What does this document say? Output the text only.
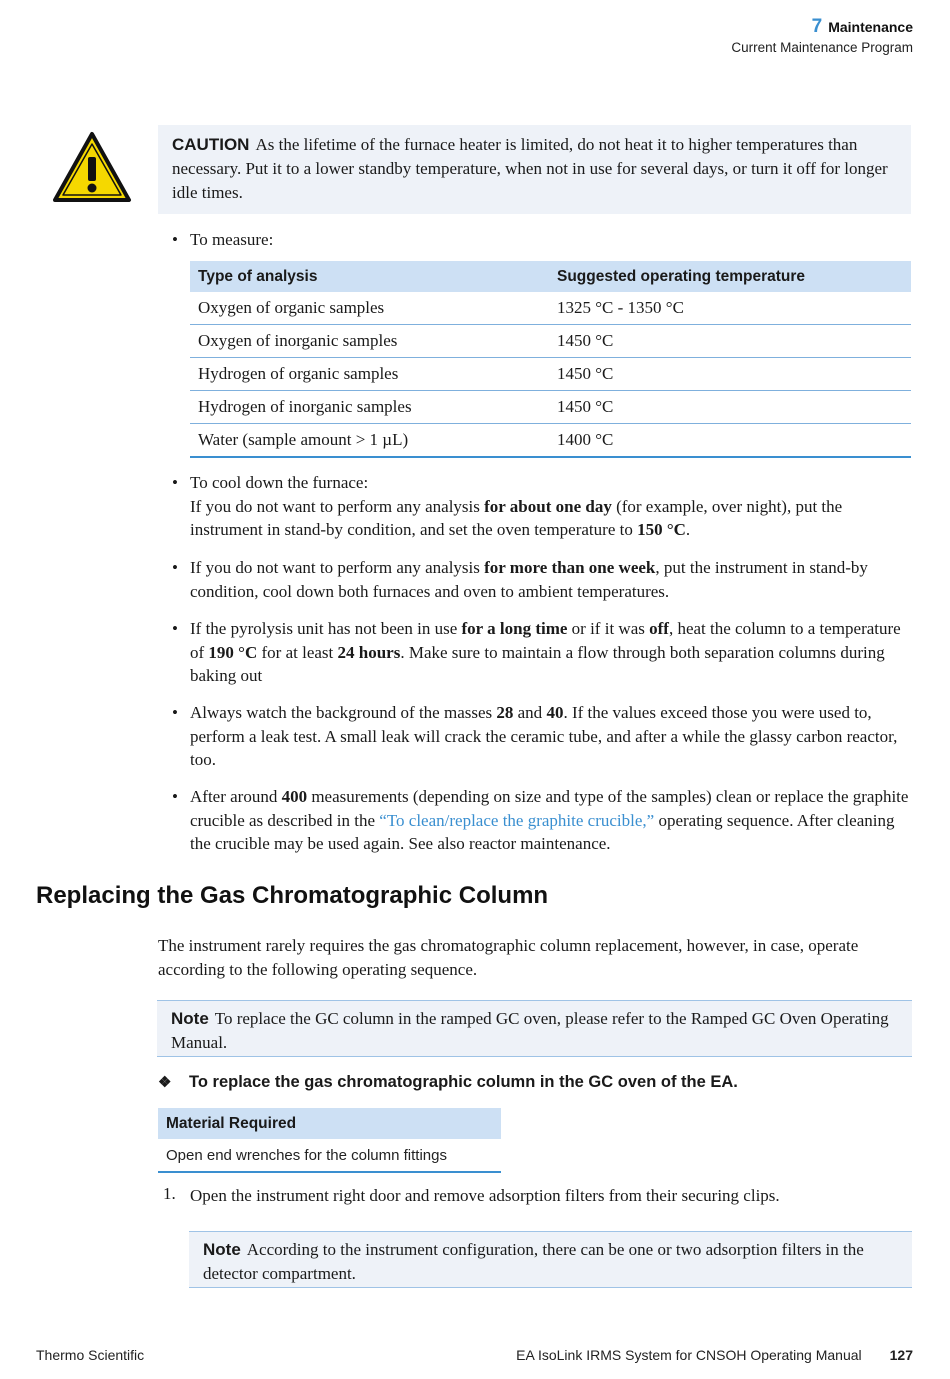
7 Maintenance
Current Maintenance Program

CAUTION As the lifetime of the furnace heater is limited, do not heat it to higher temperatures than necessary. Put it to a lower standby temperature, when not in use for several days, or turn it off for longer idle times.

• To measure:
Type of analysis	Suggested operating temperature
Oxygen of organic samples	1325 °C - 1350 °C
Oxygen of inorganic samples	1450 °C
Hydrogen of organic samples	1450 °C
Hydrogen of inorganic samples	1450 °C
Water (sample amount > 1 µL)	1400 °C
• To cool down the furnace:
If you do not want to perform any analysis for about one day (for example, over night), put the instrument in stand-by condition, and set the oven temperature to 150 °C.
• If you do not want to perform any analysis for more than one week, put the instrument in stand-by condition, cool down both furnaces and oven to ambient temperatures.
• If the pyrolysis unit has not been in use for a long time or if it was off, heat the column to a temperature of 190 °C for at least 24 hours. Make sure to maintain a flow through both separation columns during baking out
• Always watch the background of the masses 28 and 40. If the values exceed those you were used to, perform a leak test. A small leak will crack the ceramic tube, and after a while the glassy carbon reactor, too.
• After around 400 measurements (depending on size and type of the samples) clean or replace the graphite crucible as described in the “To clean/replace the graphite crucible,” operating sequence. After cleaning the crucible may be used again. See also reactor maintenance.
Replacing the Gas Chromatographic Column
The instrument rarely requires the gas chromatographic column replacement, however, in case, operate according to the following operating sequence.

Note To replace the GC column in the ramped GC oven, please refer to the Ramped GC Oven Operating Manual.

❖ To replace the gas chromatographic column in the GC oven of the EA.
Material Required
Open end wrenches for the column fittings
1. Open the instrument right door and remove adsorption filters from their securing clips.

Note According to the instrument configuration, there can be one or two adsorption filters in the detector compartment.

Thermo Scientific	EA IsoLink IRMS System for CNSOH Operating Manual 127
